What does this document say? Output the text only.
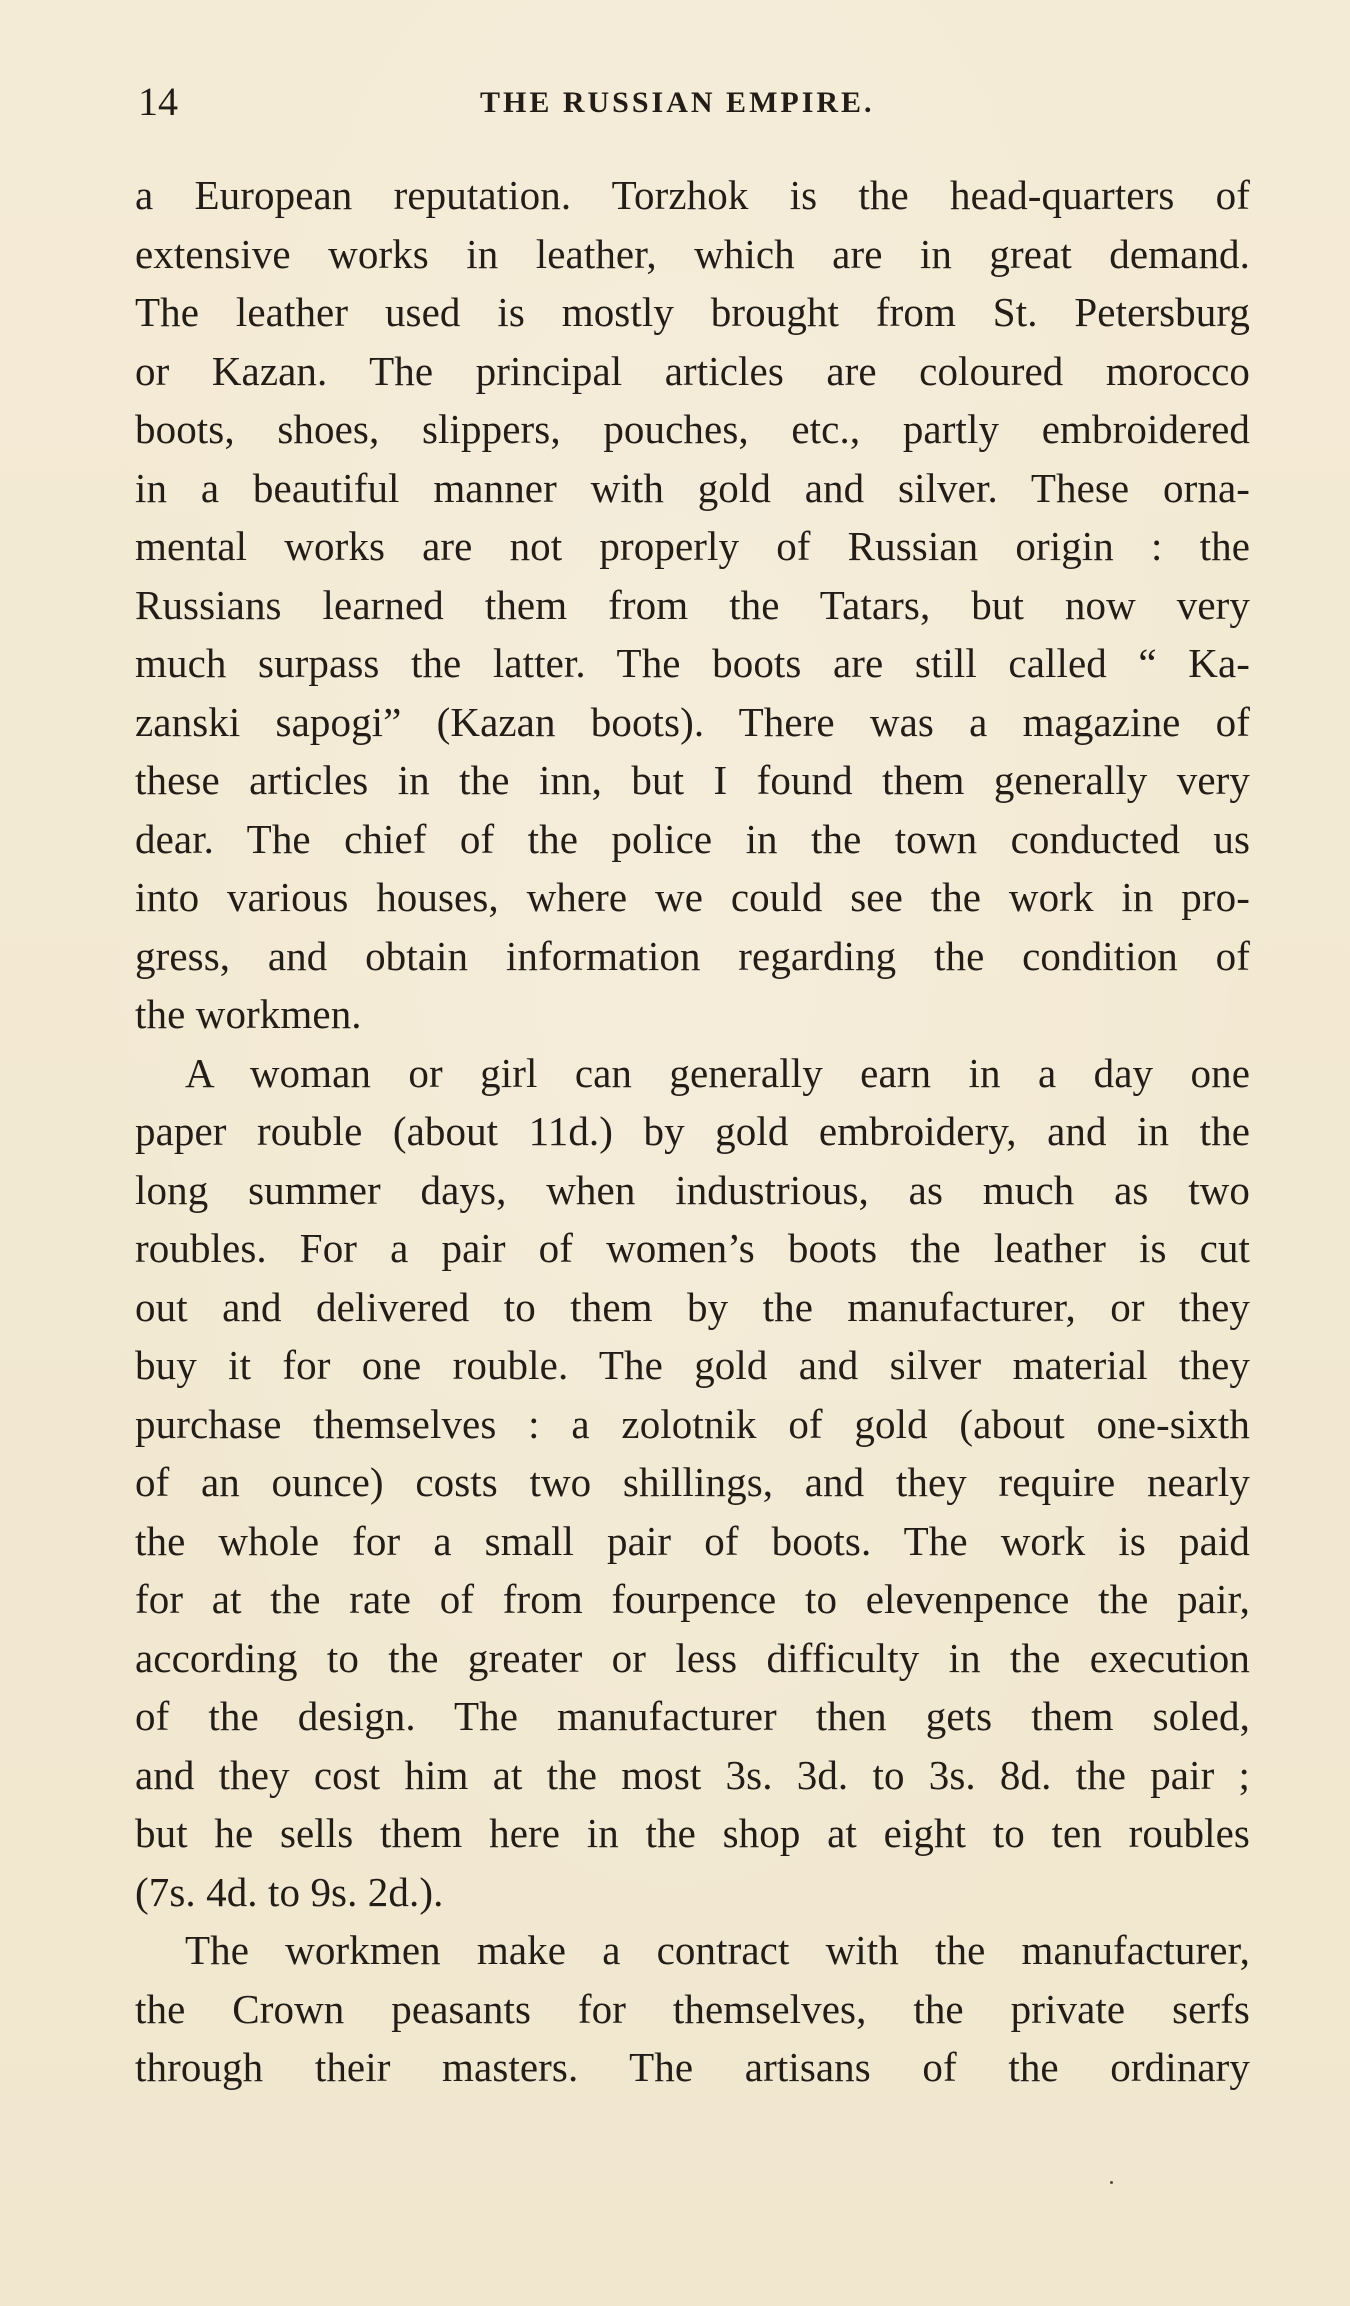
14	THE RUSSIAN EMPIRE.
a European reputation. Torzhok is the head-quarters of
extensive works in leather, which are in great demand.
The leather used is mostly brought from St. Petersburg
or Kazan. The principal articles are coloured morocco
boots, shoes, slippers, pouches, etc., partly embroidered
in a beautiful manner with gold and silver. These orna-
mental works are not properly of Russian origin : the
Russians learned them from the Tatars, but now very
much surpass the latter. The boots are still called “ Ka-
zanski sapogi” (Kazan boots). There was a magazine of
these articles in the inn, but I found them generally very
dear. The chief of the police in the town conducted us
into various houses, where we could see the work in pro-
gress, and obtain information regarding the condition of
the workmen.
A woman or girl can generally earn in a day one
paper rouble (about 11d.) by gold embroidery, and in the
long summer days, when industrious, as much as two
roubles. For a pair of women’s boots the leather is cut
out and delivered to them by the manufacturer, or they
buy it for one rouble. The gold and silver material they
purchase themselves : a zolotnik of gold (about one-sixth
of an ounce) costs two shillings, and they require nearly
the whole for a small pair of boots. The work is paid
for at the rate of from fourpence to elevenpence the pair,
according to the greater or less difficulty in the execution
of the design. The manufacturer then gets them soled,
and they cost him at the most 3s. 3d. to 3s. 8d. the pair ;
but he sells them here in the shop at eight to ten roubles
(7s. 4d. to 9s. 2d.).
The workmen make a contract with the manufacturer,
the Crown peasants for themselves, the private serfs
through their masters. The artisans of the ordinary
